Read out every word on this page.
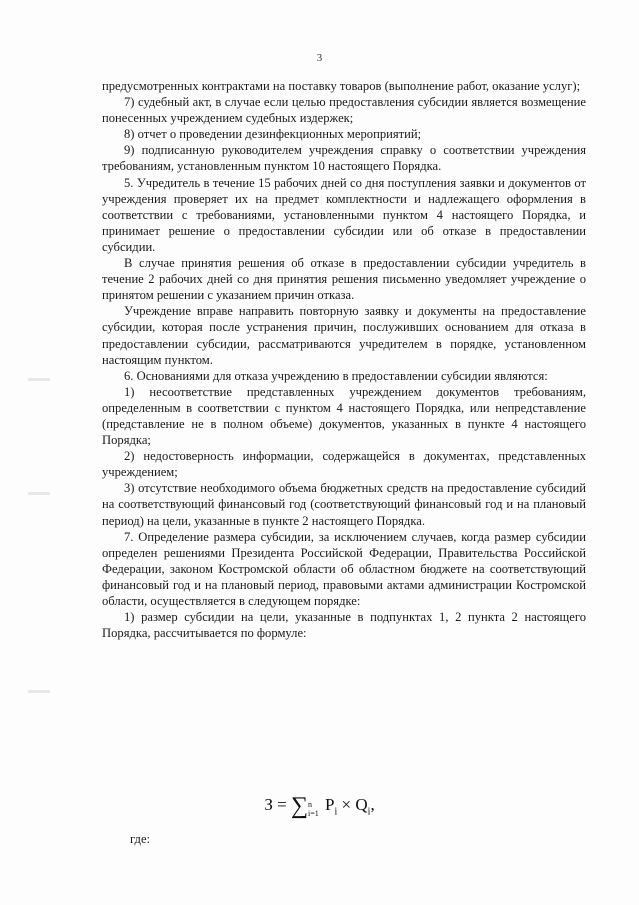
3

предусмотренных контрактами на поставку товаров (выполнение работ, оказание услуг);

7) судебный акт, в случае если целью предоставления субсидии является возмещение понесенных учреждением судебных издержек;

8) отчет о проведении дезинфекционных мероприятий;

9) подписанную руководителем учреждения справку о соответствии учреждения требованиям, установленным пунктом 10 настоящего Порядка.

5. Учредитель в течение 15 рабочих дней со дня поступления заявки и документов от учреждения проверяет их на предмет комплектности и надлежащего оформления в соответствии с требованиями, установленными пунктом 4 настоящего Порядка, и принимает решение о предоставлении субсидии или об отказе в предоставлении субсидии.

В случае принятия решения об отказе в предоставлении субсидии учредитель в течение 2 рабочих дней со дня принятия решения письменно уведомляет учреждение о принятом решении с указанием причин отказа.

Учреждение вправе направить повторную заявку и документы на предоставление субсидии, которая после устранения причин, послуживших основанием для отказа в предоставлении субсидии, рассматриваются учредителем в порядке, установленном настоящим пунктом.

6. Основаниями для отказа учреждению в предоставлении субсидии являются:

1) несоответствие представленных учреждением документов требованиям, определенным в соответствии с пунктом 4 настоящего Порядка, или непредставление (представление не в полном объеме) документов, указанных в пункте 4 настоящего Порядка;

2) недостоверность информации, содержащейся в документах, представленных учреждением;

3) отсутствие необходимого объема бюджетных средств на предоставление субсидий на соответствующий финансовый год (соответствующий финансовый год и на плановый период) на цели, указанные в пункте 2 настоящего Порядка.

7. Определение размера субсидии, за исключением случаев, когда размер субсидии определен решениями Президента Российской Федерации, Правительства Российской Федерации, законом Костромской области об областном бюджете на соответствующий финансовый год и на плановый период, правовыми актами администрации Костромской области, осуществляется в следующем порядке:

1) размер субсидии на цели, указанные в подпунктах 1, 2 пункта 2 настоящего Порядка, рассчитывается по формуле:

З = ∑n
i=1 $P_i \times Q_i$,
где:
